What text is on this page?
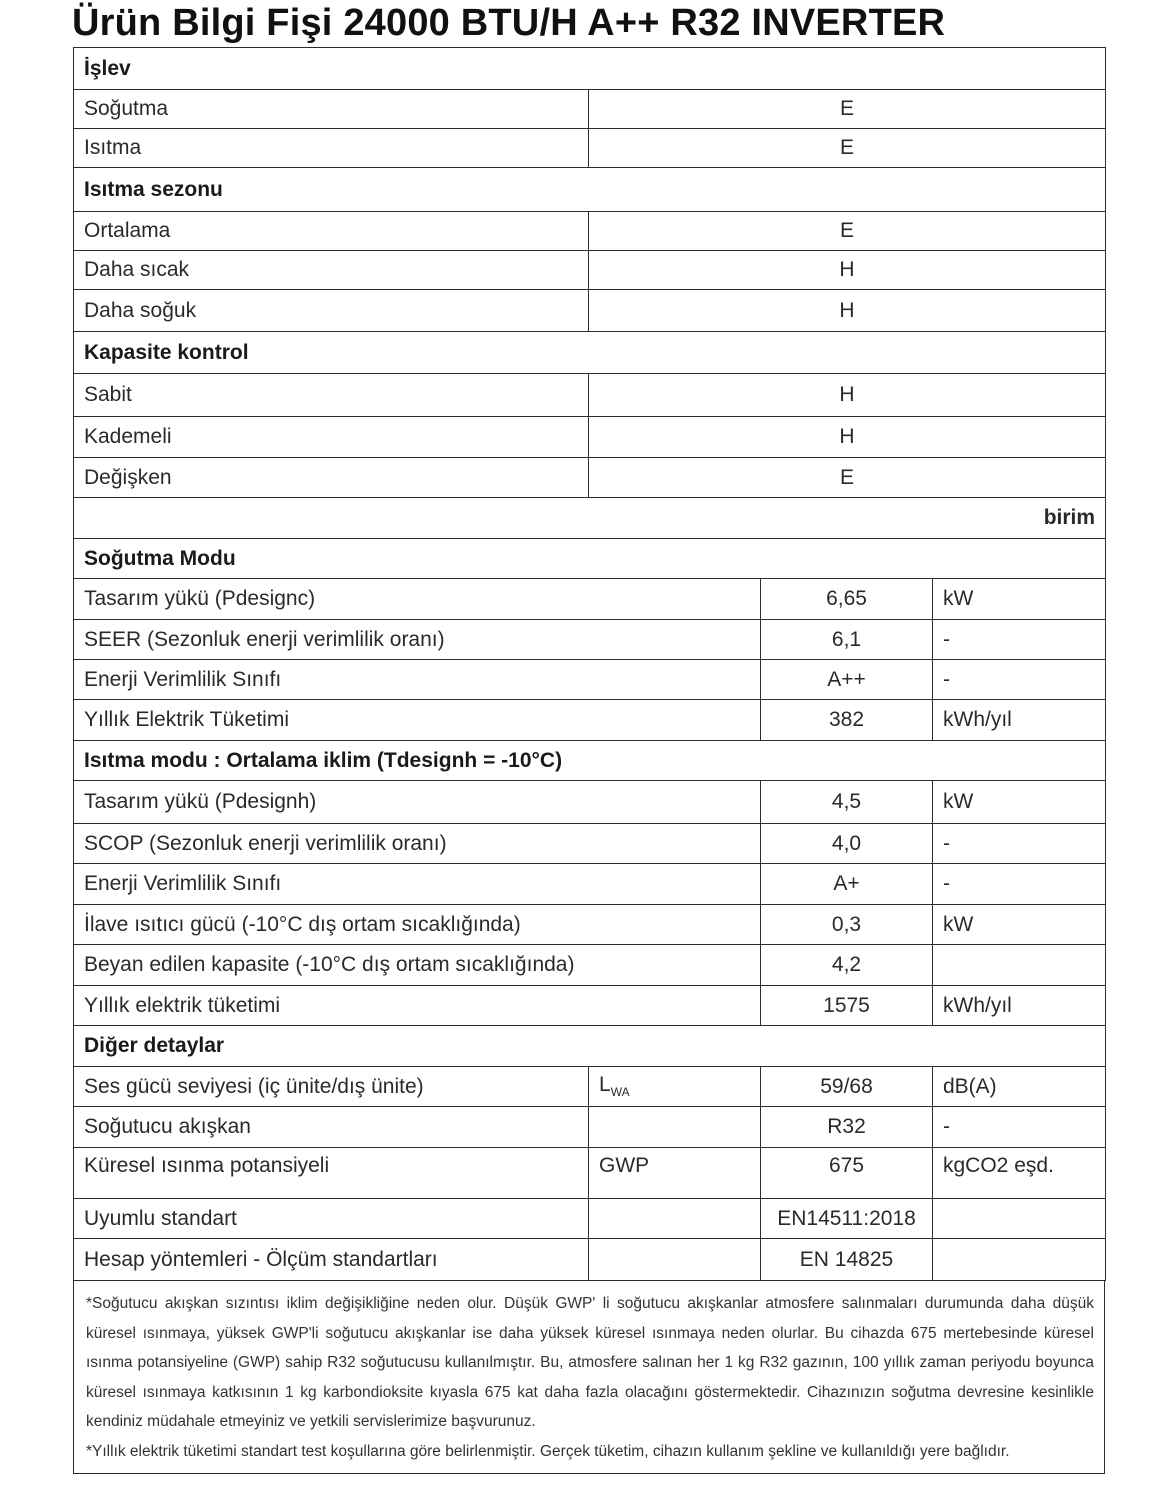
Ürün Bilgi Fişi 24000 BTU/H A++ R32 INVERTER
İşlev			
Soğutma	E		
Isıtma	E		
Isıtma sezonu			
Ortalama	E		
Daha sıcak	H		
Daha soğuk	H		
Kapasite kontrol			
Sabit	H		
Kademeli	H		
Değişken	E		
birim			
Soğutma Modu			
Tasarım yükü (Pdesignc)		6,65	kW
SEER (Sezonluk enerji verimlilik oranı)		6,1	-
Enerji Verimlilik Sınıfı		A++	-
Yıllık Elektrik Tüketimi		382	kWh/yıl
Isıtma modu : Ortalama iklim (Tdesignh = -10°C)			
Tasarım yükü (Pdesignh)		4,5	kW
SCOP (Sezonluk enerji verimlilik oranı)		4,0	-
Enerji Verimlilik Sınıfı		A+	-
İlave ısıtıcı gücü (-10°C dış ortam sıcaklığında)		0,3	kW
Beyan edilen kapasite (-10°C dış ortam sıcaklığında)		4,2	
Yıllık elektrik tüketimi		1575	kWh/yıl
Diğer detaylar			
Ses gücü seviyesi (iç ünite/dış ünite)	$L_{WA}$	59/68	dB(A)
Soğutucu akışkan		R32	-
Küresel ısınma potansiyeli	GWP	675	kgCO2 eşd.
Uyumlu standart		EN14511:2018	
Hesap yöntemleri - Ölçüm standartları		EN 14825	

*Soğutucu akışkan sızıntısı iklim değişikliğine neden olur. Düşük GWP' li soğutucu akışkanlar atmosfere salınmaları durumunda daha düşük küresel ısınmaya, yüksek GWP'li soğutucu akışkanlar ise daha yüksek küresel ısınmaya neden olurlar. Bu cihazda 675 mertebesinde küresel ısınma potansiyeline (GWP) sahip R32 soğutucusu kullanılmıştır. Bu, atmosfere salınan her 1 kg R32 gazının, 100 yıllık zaman periyodu boyunca küresel ısınmaya katkısının 1 kg karbondioksite kıyasla 675 kat daha fazla olacağını göstermektedir. Cihazınızın soğutma devresine kesinlikle kendiniz müdahale etmeyiniz ve yetkili servislerimize başvurunuz.

*Yıllık elektrik tüketimi standart test koşullarına göre belirlenmiştir. Gerçek tüketim, cihazın kullanım şekline ve kullanıldığı yere bağlıdır.
